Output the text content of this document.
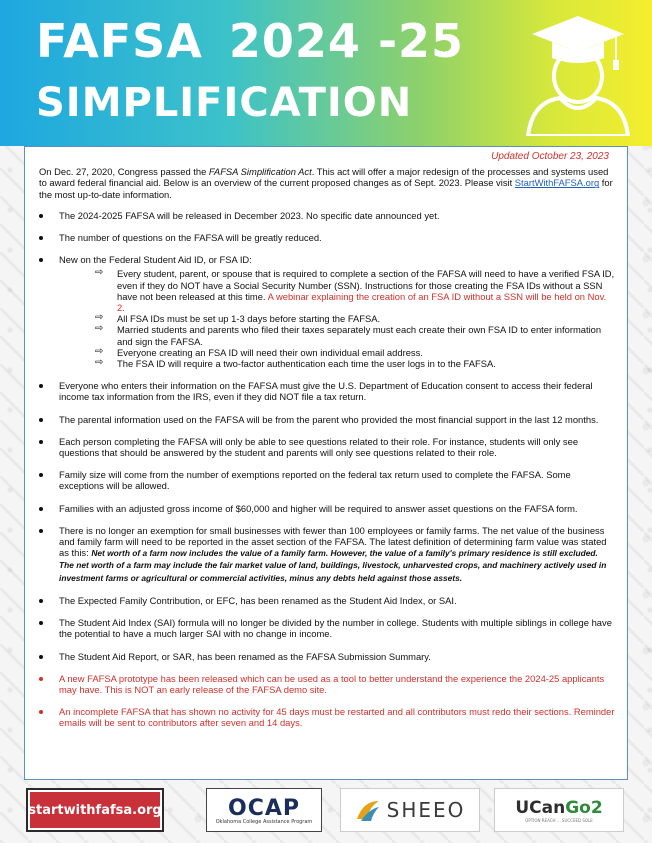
FAFSA 2024 -25
SIMPLIFICATION
Updated October 23, 2023

On Dec. 27, 2020, Congress passed the FAFSA Simplification Act. This act will offer a major redesign of the processes and systems used to award federal financial aid. Below is an overview of the current proposed changes as of Sept. 2023. Please visit StartWithFAFSA.org for the most up-to-date information.

The 2024-2025 FAFSA will be released in December 2023. No specific date announced yet.
The number of questions on the FAFSA will be greatly reduced.
New on the Federal Student Aid ID, or FSA ID:
⇨ Every student, parent, or spouse that is required to complete a section of the FAFSA will need to have a verified FSA ID, even if they do NOT have a Social Security Number (SSN). Instructions for those creating the FSA IDs without a SSN have not been released at this time. A webinar explaining the creation of an FSA ID without a SSN will be held on Nov. 2.
⇨ All FSA IDs must be set up 1-3 days before starting the FAFSA.
⇨ Married students and parents who filed their taxes separately must each create their own FSA ID to enter information and sign the FAFSA.
⇨ Everyone creating an FSA ID will need their own individual email address.
⇨ The FSA ID will require a two-factor authentication each time the user logs in to the FAFSA.
Everyone who enters their information on the FAFSA must give the U.S. Department of Education consent to access their federal income tax information from the IRS, even if they did NOT file a tax return.
The parental information used on the FAFSA will be from the parent who provided the most financial support in the last 12 months.
Each person completing the FAFSA will only be able to see questions related to their role. For instance, students will only see questions that should be answered by the student and parents will only see questions related to their role.
Family size will come from the number of exemptions reported on the federal tax return used to complete the FAFSA. Some exceptions will be allowed.
Families with an adjusted gross income of $60,000 and higher will be required to answer asset questions on the FAFSA form.
There is no longer an exemption for small businesses with fewer than 100 employees or family farms. The net value of the business and family farm will need to be reported in the asset section of the FAFSA. The latest definition of determining farm value was stated as this: Net worth of a farm now includes the value of a family farm. However, the value of a family's primary residence is still excluded. The net worth of a farm may include the fair market value of land, buildings, livestock, unharvested crops, and machinery actively used in investment farms or agricultural or commercial activities, minus any debts held against those assets.
The Expected Family Contribution, or EFC, has been renamed as the Student Aid Index, or SAI.
The Student Aid Index (SAI) formula will no longer be divided by the number in college. Students with multiple siblings in college have the potential to have a much larger SAI with no change in income.
The Student Aid Report, or SAR, has been renamed as the FAFSA Submission Summary.
A new FAFSA prototype has been released which can be used as a tool to better understand the experience the 2024-25 applicants may have. This is NOT an early release of the FAFSA demo site.
An incomplete FAFSA that has shown no activity for 45 days must be restarted and all contributors must redo their sections. Reminder emails will be sent to contributors after seven and 14 days.
startwithfafsa.org	OCAP
Oklahoma College Assistance Program	SHEEO	UCanGo2
OPTION REACH ... SUCCEED SOLE
